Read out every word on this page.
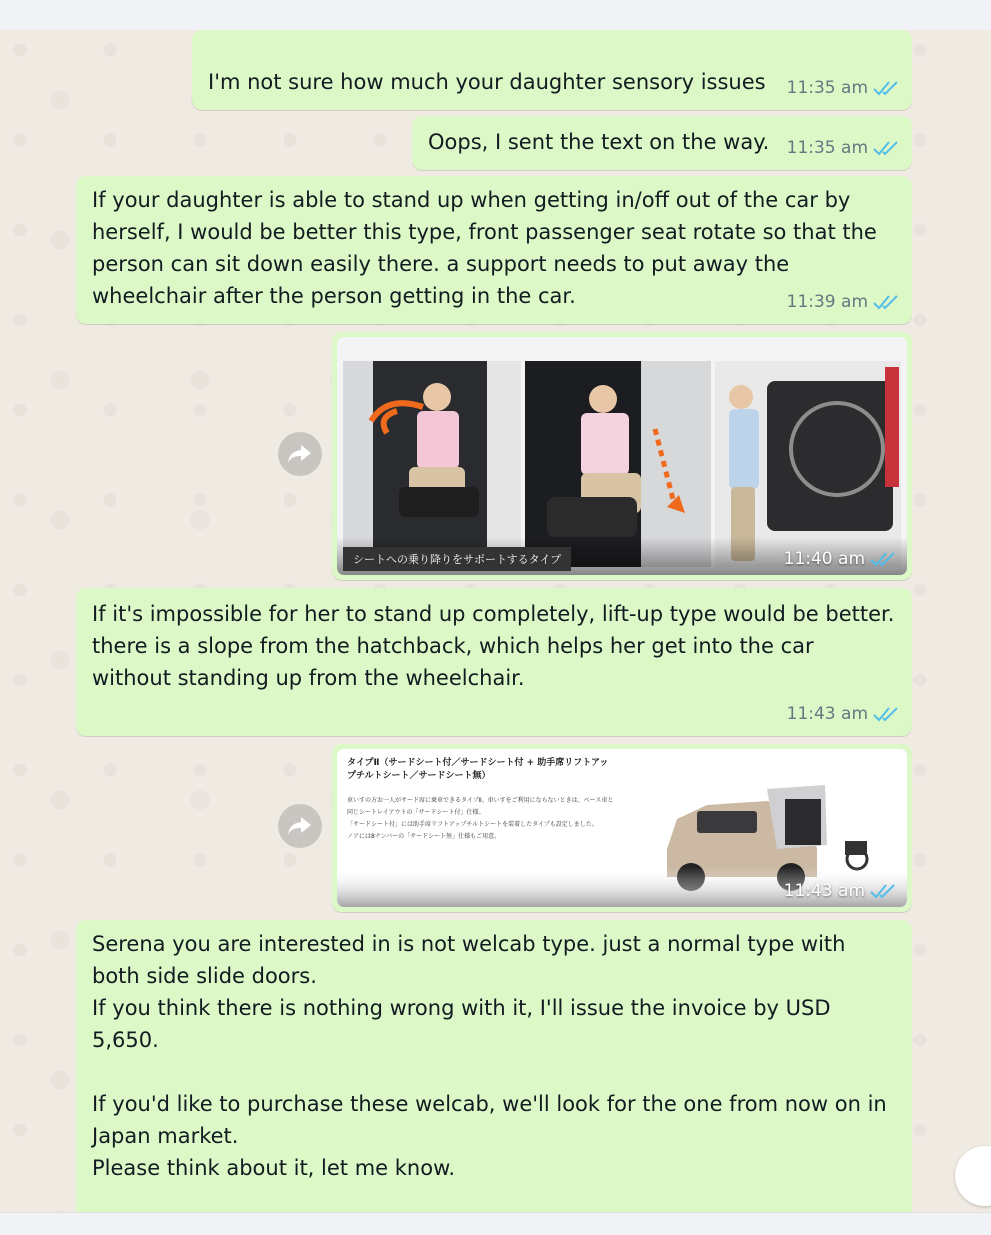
I'm not sure how much your daughter sensory issues	11:35 am
Oops, I sent the text on the way.	11:35 am
If your daughter is able to stand up when getting in/off out of the car by herself, I would be better this type, front passenger seat rotate so that the person can sit down easily there. a support needs to put away the wheelchair after the person getting in the car.	11:39 am
シートへの乗り降りをサポートするタイプ	11:40 am
If it's impossible for her to stand up completely, lift-up type would be better.
there is a slope from the hatchback, which helps her get into the car without standing up from the wheelchair.
11:43 am
タイプⅡ（サードシート付／サードシート付 + 助手席リフトアップチルトシート／サードシート無）
車いすの方お一人がサード席に乗車できるタイプⅡ。車いすをご利用にならないときは、ベース車と同じシートレイアウトの「サードシート付」仕様。
「サードシート付」には助手席リフトアップチルトシートを装着したタイプも設定しました。
ノアには8ナンバーの「サードシート無」仕様もご用意。
11:43 am
Serena you are interested in is not welcab type. just a normal type with both side slide doors.
If you think there is nothing wrong with it, I'll issue the invoice by USD 5,650.

If you'd like to purchase these welcab, we'll look for the one from now on in Japan market.
Please think about it, let me know.
